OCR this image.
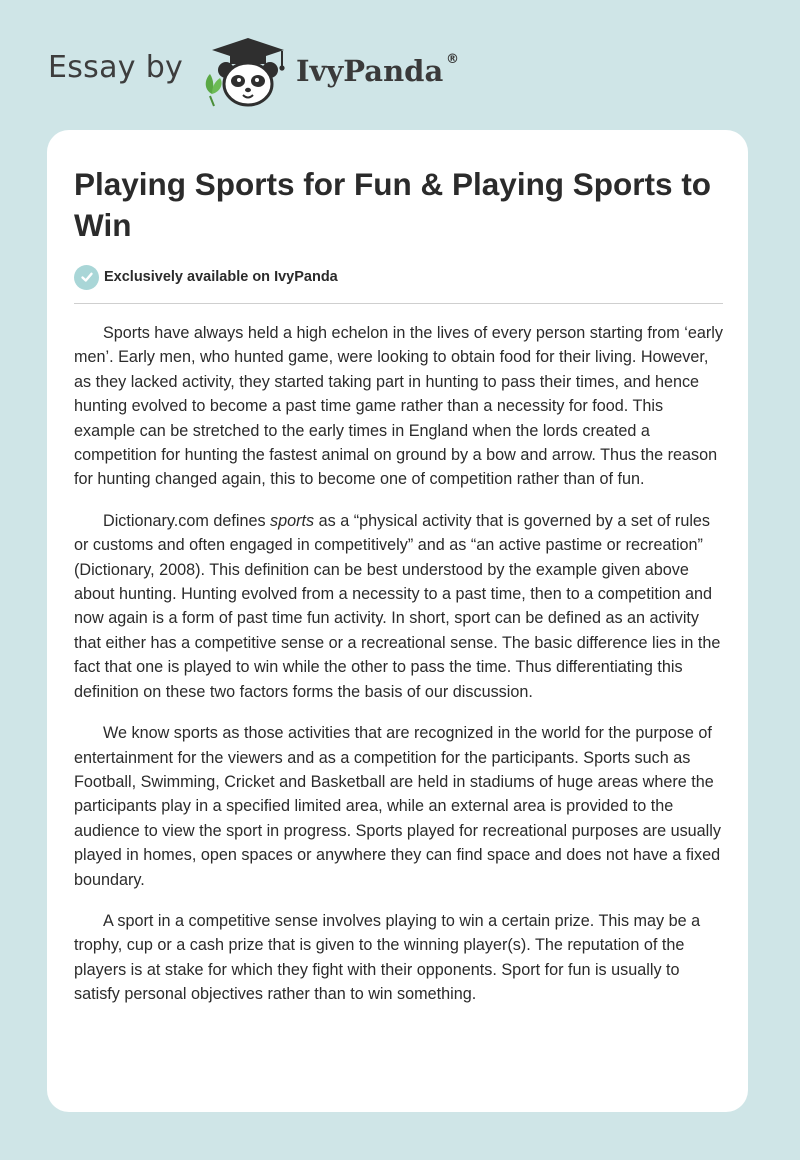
Essay by	IvyPanda ®
Playing Sports for Fun & Playing Sports to Win
Exclusively available on IvyPanda

Sports have always held a high echelon in the lives of every person starting from ‘early men’. Early men, who hunted game, were looking to obtain food for their living. However, as they lacked activity, they started taking part in hunting to pass their times, and hence hunting evolved to become a past time game rather than a necessity for food. This example can be stretched to the early times in England when the lords created a competition for hunting the fastest animal on ground by a bow and arrow. Thus the reason for hunting changed again, this to become one of competition rather than of fun.

Dictionary.com defines sports as a “physical activity that is governed by a set of rules or customs and often engaged in competitively” and as “an active pastime or recreation” (Dictionary, 2008). This definition can be best understood by the example given above about hunting. Hunting evolved from a necessity to a past time, then to a competition and now again is a form of past time fun activity. In short, sport can be defined as an activity that either has a competitive sense or a recreational sense. The basic difference lies in the fact that one is played to win while the other to pass the time. Thus differentiating this definition on these two factors forms the basis of our discussion.

We know sports as those activities that are recognized in the world for the purpose of entertainment for the viewers and as a competition for the participants. Sports such as Football, Swimming, Cricket and Basketball are held in stadiums of huge areas where the participants play in a specified limited area, while an external area is provided to the audience to view the sport in progress. Sports played for recreational purposes are usually played in homes, open spaces or anywhere they can find space and does not have a fixed boundary.

A sport in a competitive sense involves playing to win a certain prize. This may be a trophy, cup or a cash prize that is given to the winning player(s). The reputation of the players is at stake for which they fight with their opponents. Sport for fun is usually to satisfy personal objectives rather than to win something.
